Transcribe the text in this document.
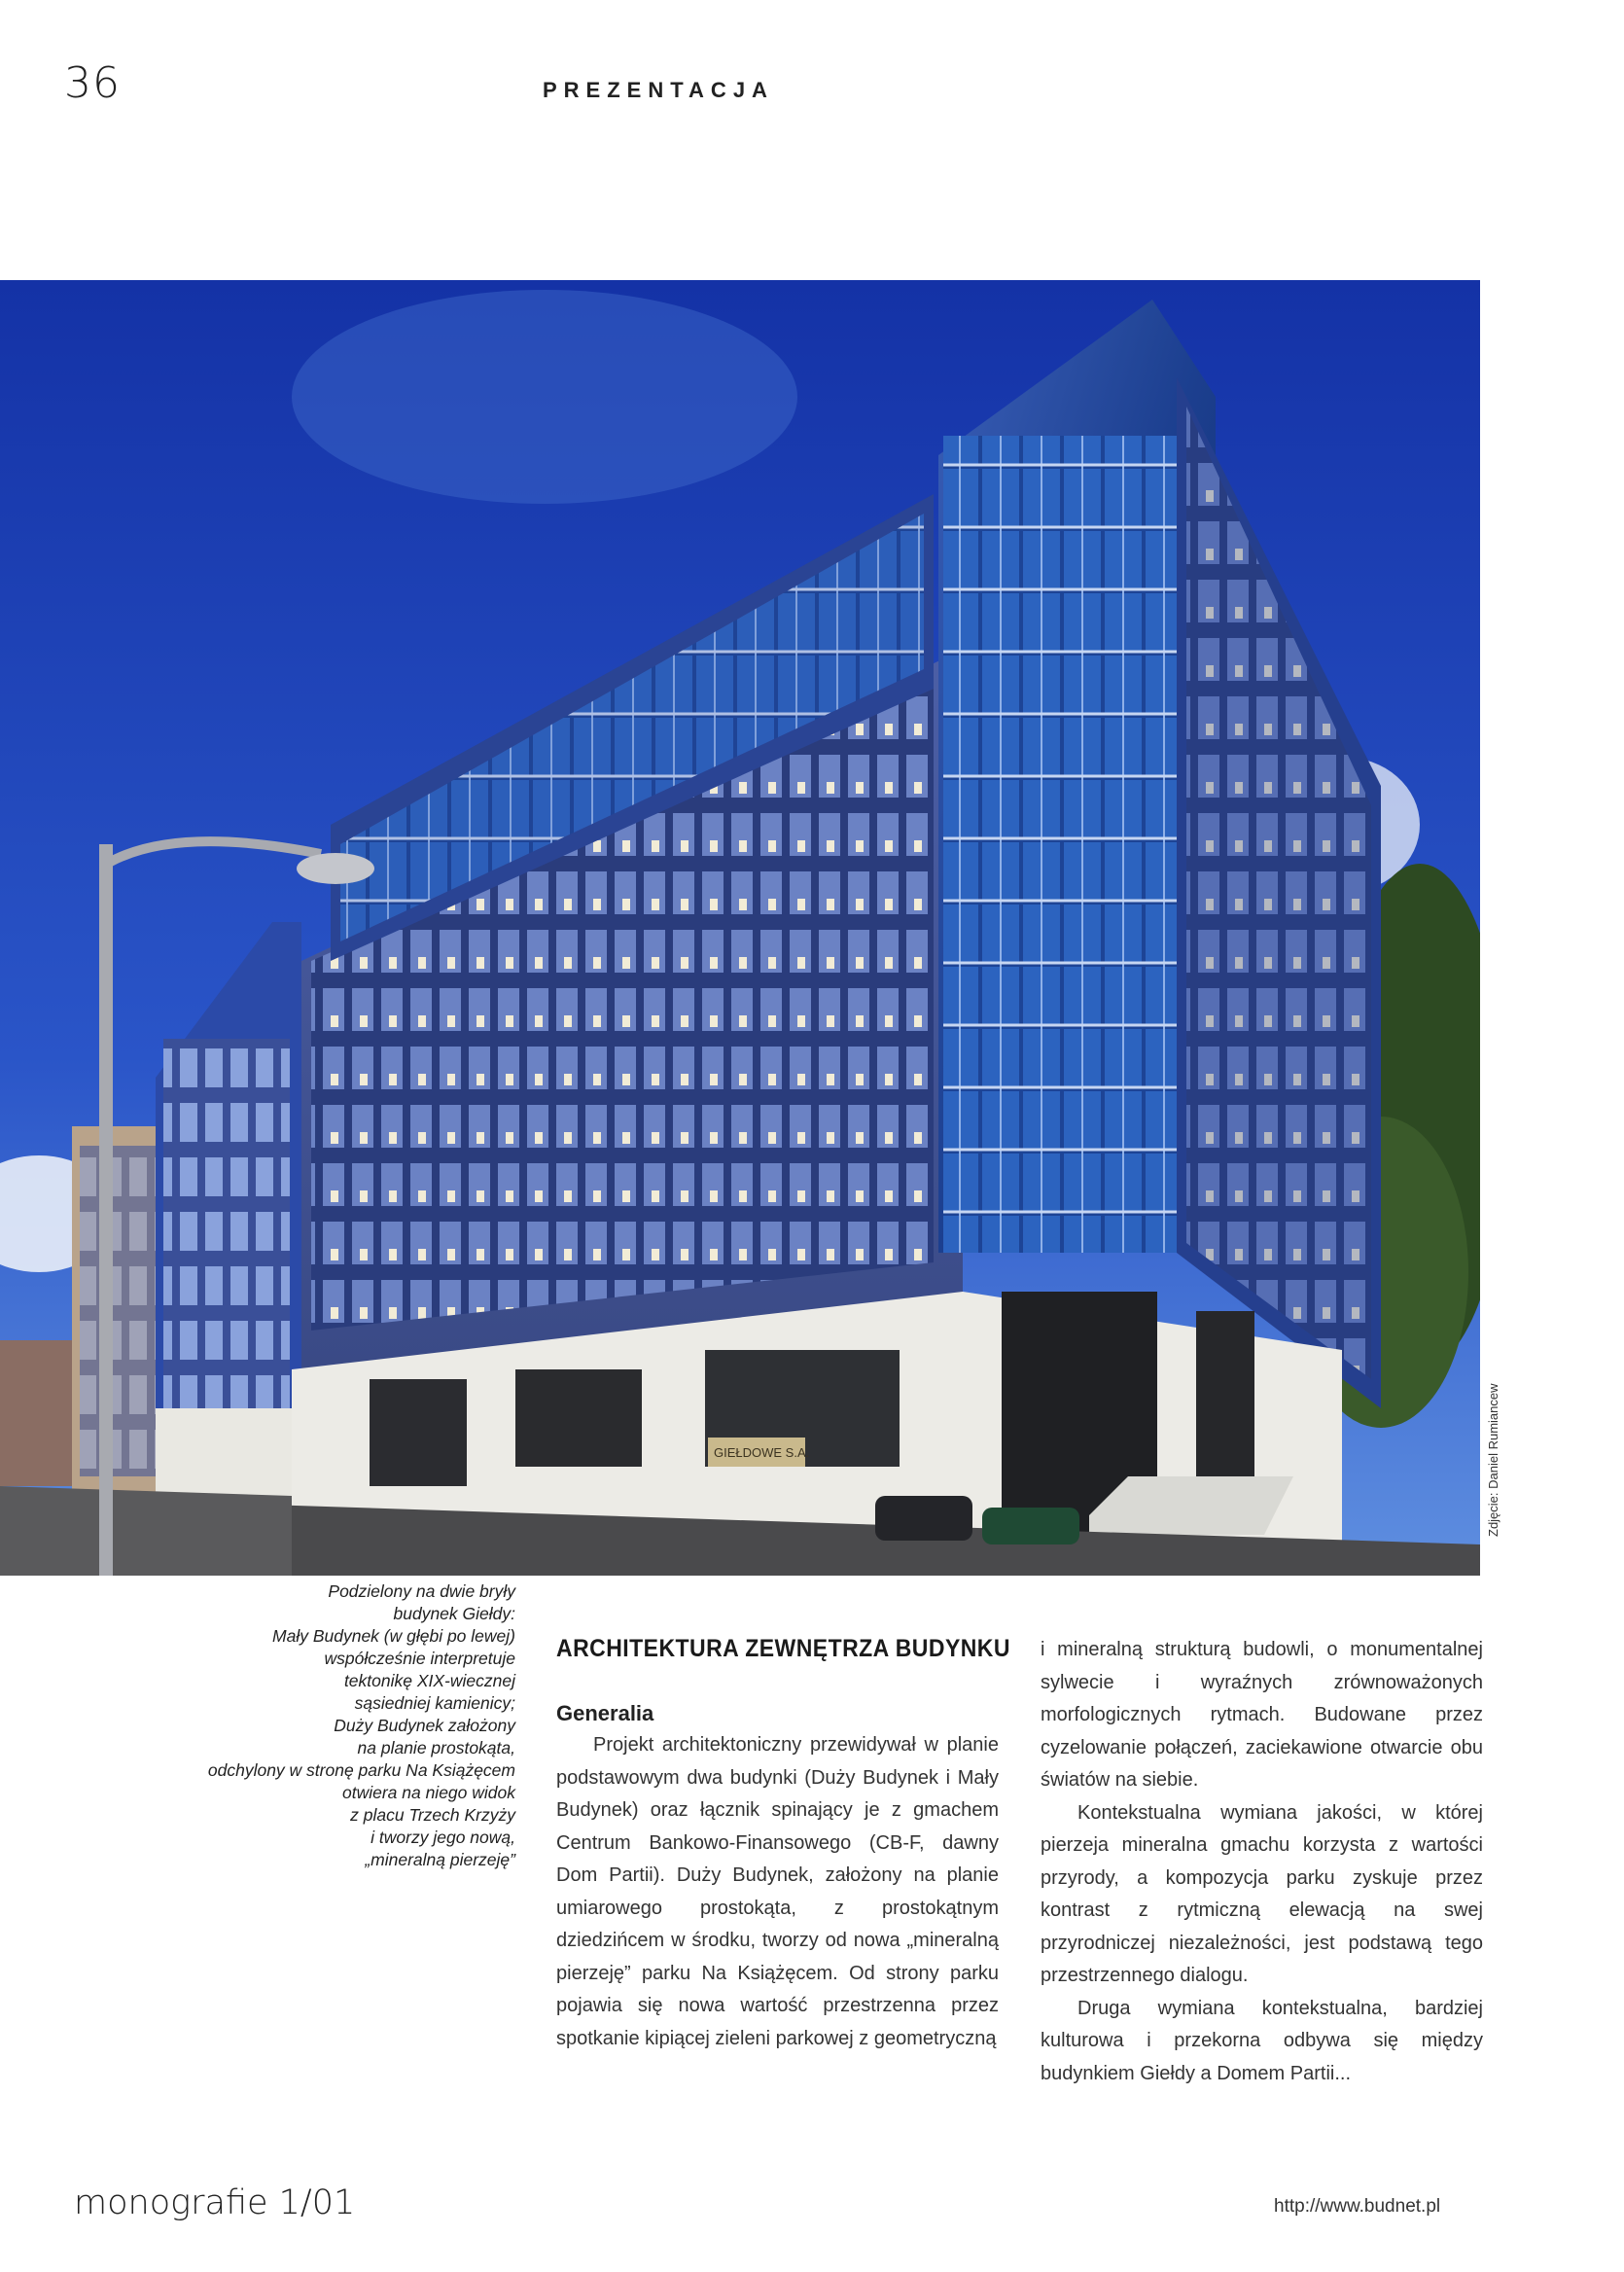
36	PREZENTACJA
GIEŁDOWE S.A.	Zdjęcie: Daniel Rumiancew
Podzielony na dwie bryły
budynek Giełdy:
Mały Budynek (w głębi po lewej)
współcześnie interpretuje
tektonikę XIX-wiecznej
sąsiedniej kamienicy;
Duży Budynek założony
na planie prostokąta,
odchylony w stronę parku Na Książęcem
otwiera na niego widok
z placu Trzech Krzyży
i tworzy jego nową,
„mineralną pierzeję”
ARCHITEKTURA ZEWNĘTRZA BUDYNKU
Generalia

Projekt architektoniczny przewidywał w planie podstawowym dwa budynki (Duży Budynek i Mały Budynek) oraz łącznik spinający je z gmachem Centrum Bankowo-Finansowego (CB-F, dawny Dom Partii). Duży Budynek, założony na planie umiarowego prostokąta, z prostokątnym dziedzińcem w środku, tworzy od nowa „mineralną pierzeję” parku Na Książęcem. Od strony parku pojawia się nowa wartość przestrzenna przez spotkanie kipiącej zieleni parkowej z geometryczną

i mineralną strukturą budowli, o monumentalnej sylwecie i wyraźnych zrównoważonych morfologicznych rytmach. Budowane przez cyzelowanie połączeń, zaciekawione otwarcie obu światów na siebie.

Kontekstualna wymiana jakości, w której pierzeja mineralna gmachu korzysta z wartości przyrody, a kompozycja parku zyskuje przez kontrast z rytmiczną elewacją na swej przyrodniczej niezależności, jest podstawą tego przestrzennego dialogu.

Druga wymiana kontekstualna, bardziej kulturowa i przekorna odbywa się między budynkiem Giełdy a Domem Partii...

monografie 1/01	http://www.budnet.pl
